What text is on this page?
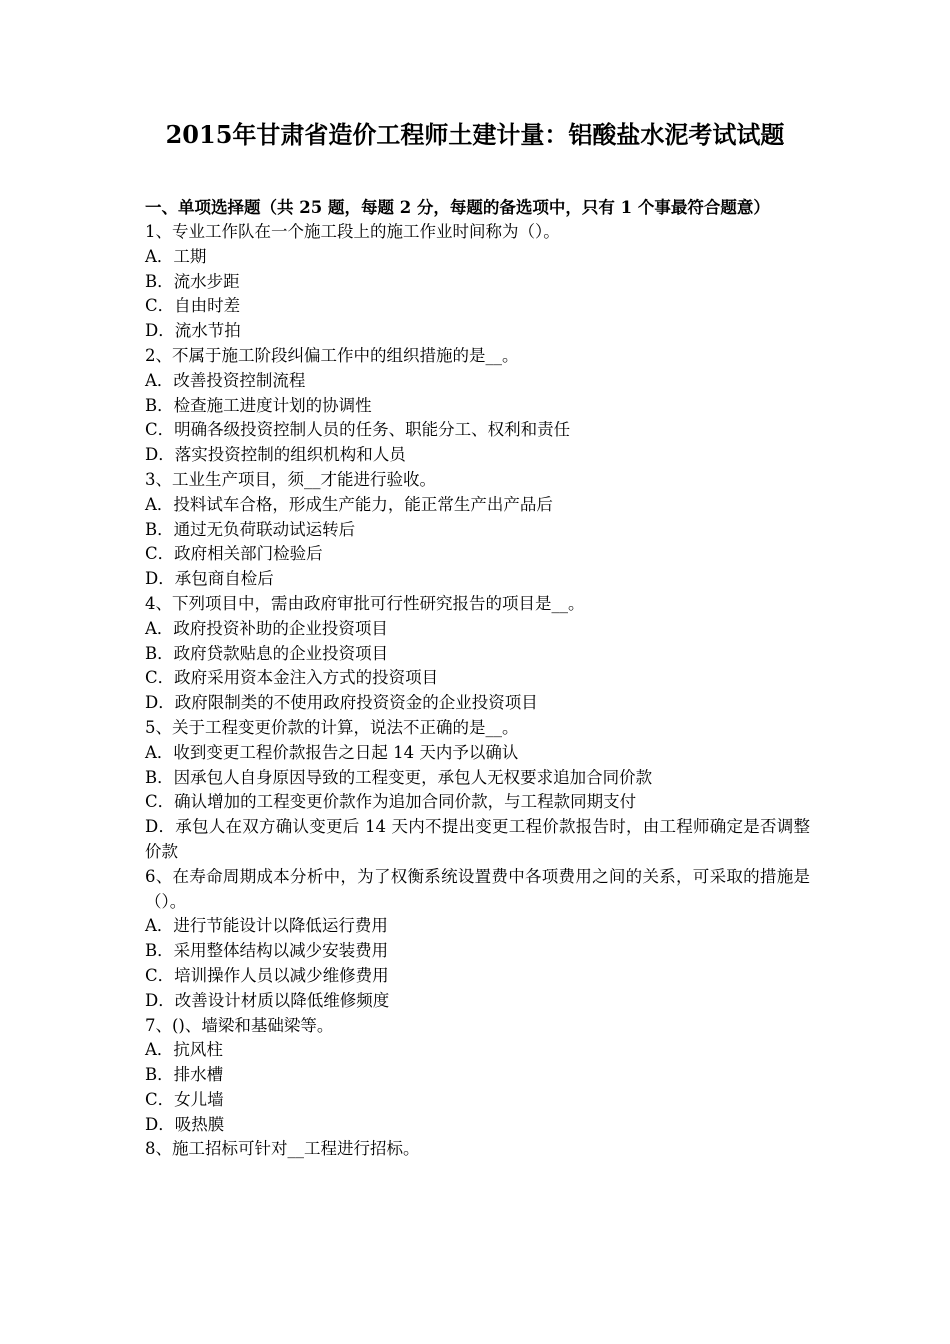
2015年甘肃省造价工程师土建计量：铝酸盐水泥考试试题

一、单项选择题（共 25 题，每题 2 分，每题的备选项中，只有 1 个事最符合题意）

1、专业工作队在一个施工段上的施工作业时间称为（）。

A．工期

B．流水步距

C．自由时差

D．流水节拍

2、不属于施工阶段纠偏工作中的组织措施的是__。

A．改善投资控制流程

B．检查施工进度计划的协调性

C．明确各级投资控制人员的任务、职能分工、权利和责任

D．落实投资控制的组织机构和人员

3、工业生产项目，须__才能进行验收。

A．投料试车合格，形成生产能力，能正常生产出产品后

B．通过无负荷联动试运转后

C．政府相关部门检验后

D．承包商自检后

4、下列项目中，需由政府审批可行性研究报告的项目是__。

A．政府投资补助的企业投资项目

B．政府贷款贴息的企业投资项目

C．政府采用资本金注入方式的投资项目

D．政府限制类的不使用政府投资资金的企业投资项目

5、关于工程变更价款的计算，说法不正确的是__。

A．收到变更工程价款报告之日起 14 天内予以确认

B．因承包人自身原因导致的工程变更，承包人无权要求追加合同价款

C．确认增加的工程变更价款作为追加合同价款，与工程款同期支付

D．承包人在双方确认变更后 14 天内不提出变更工程价款报告时，由工程师确定是否调整价款

6、在寿命周期成本分析中，为了权衡系统设置费中各项费用之间的关系，可采取的措施是（）。

A．进行节能设计以降低运行费用

B．采用整体结构以减少安装费用

C．培训操作人员以减少维修费用

D．改善设计材质以降低维修频度

7、()、墙梁和基础梁等。

A．抗风柱

B．排水槽

C．女儿墙

D．吸热膜

8、施工招标可针对__工程进行招标。
